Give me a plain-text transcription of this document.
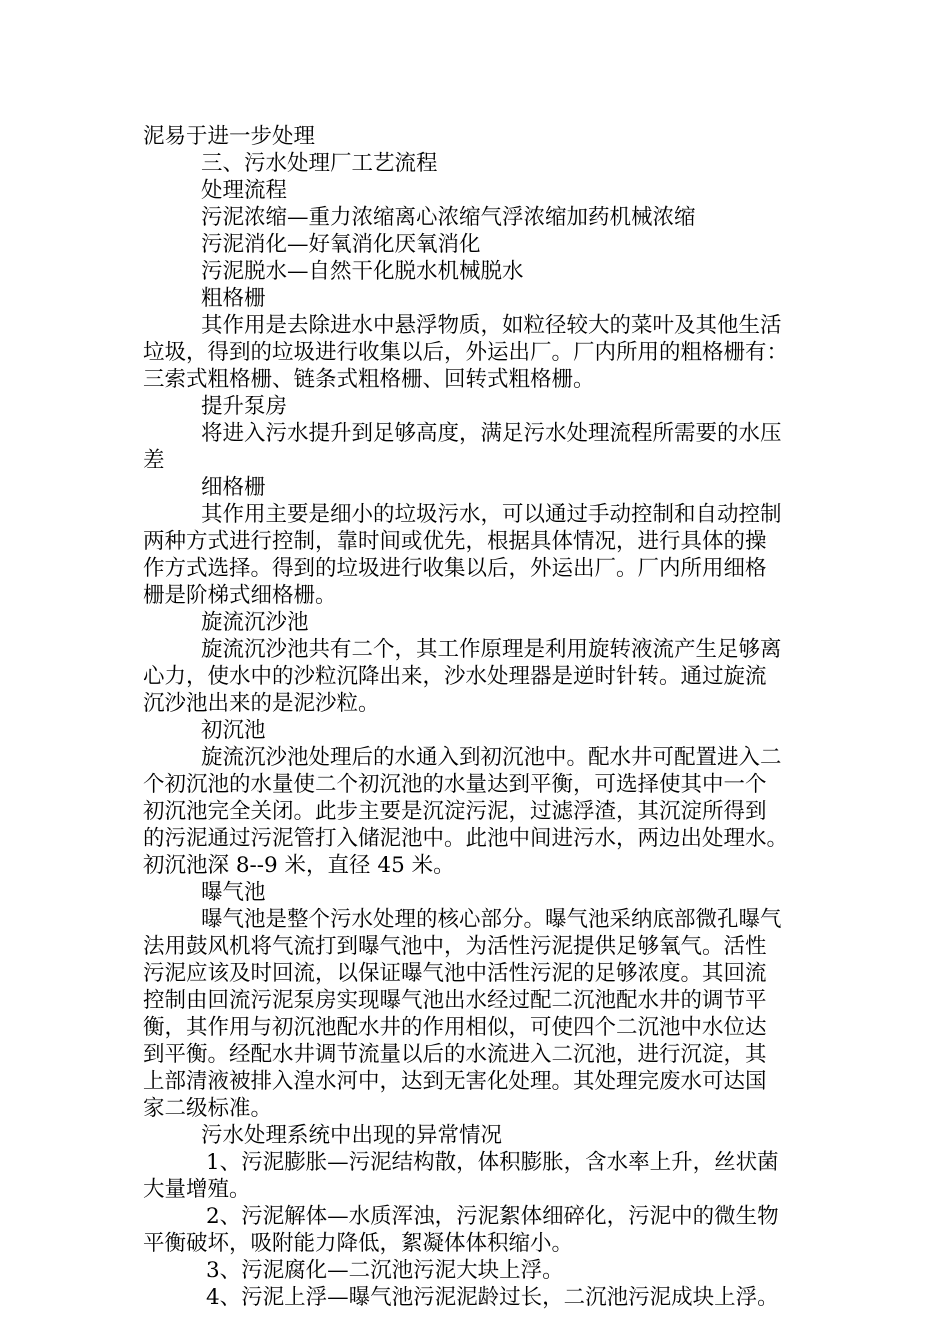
泥易于进一步处理
三、污水处理厂工艺流程
处理流程
污泥浓缩—重力浓缩离心浓缩气浮浓缩加药机械浓缩
污泥消化—好氧消化厌氧消化
污泥脱水—自然干化脱水机械脱水
粗格栅
其作用是去除进水中悬浮物质，如粒径较大的菜叶及其他生活
垃圾，得到的垃圾进行收集以后，外运出厂。厂内所用的粗格栅有：
三索式粗格栅、链条式粗格栅、回转式粗格栅。
提升泵房
将进入污水提升到足够高度，满足污水处理流程所需要的水压
差
细格栅
其作用主要是细小的垃圾污水，可以通过手动控制和自动控制
两种方式进行控制，靠时间或优先，根据具体情况，进行具体的操
作方式选择。得到的垃圾进行收集以后，外运出厂。厂内所用细格
栅是阶梯式细格栅。
旋流沉沙池
旋流沉沙池共有二个，其工作原理是利用旋转液流产生足够离
心力，使水中的沙粒沉降出来，沙水处理器是逆时针转。通过旋流
沉沙池出来的是泥沙粒。
初沉池
旋流沉沙池处理后的水通入到初沉池中。配水井可配置进入二
个初沉池的水量使二个初沉池的水量达到平衡，可选择使其中一个
初沉池完全关闭。此步主要是沉淀污泥，过滤浮渣，其沉淀所得到
的污泥通过污泥管打入储泥池中。此池中间进污水，两边出处理水。
初沉池深 8--9 米，直径 45 米。
曝气池
曝气池是整个污水处理的核心部分。曝气池采纳底部微孔曝气
法用鼓风机将气流打到曝气池中，为活性污泥提供足够氧气。活性
污泥应该及时回流，以保证曝气池中活性污泥的足够浓度。其回流
控制由回流污泥泵房实现曝气池出水经过配二沉池配水井的调节平
衡，其作用与初沉池配水井的作用相似，可使四个二沉池中水位达
到平衡。经配水井调节流量以后的水流进入二沉池，进行沉淀，其
上部清液被排入湟水河中，达到无害化处理。其处理完废水可达国
家二级标准。
污水处理系统中出现的异常情况
1、污泥膨胀—污泥结构散，体积膨胀，含水率上升，丝状菌
大量增殖。
2、污泥解体—水质浑浊，污泥絮体细碎化，污泥中的微生物
平衡破坏，吸附能力降低，絮凝体体积缩小。
3、污泥腐化—二沉池污泥大块上浮。
4、污泥上浮—曝气池污泥泥龄过长，二沉池污泥成块上浮。
